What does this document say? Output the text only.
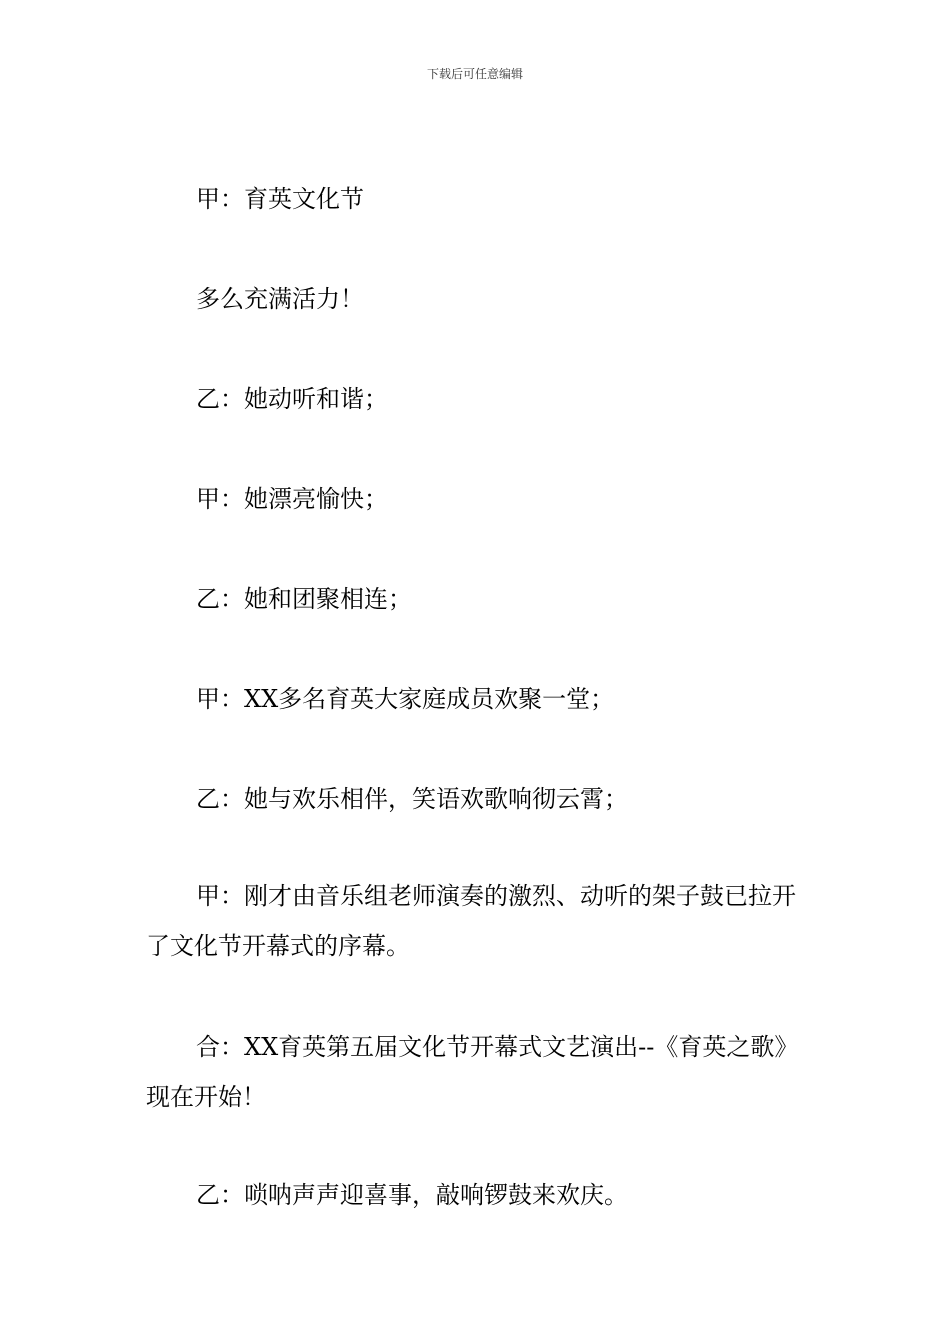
下载后可任意编辑

甲：育英文化节

多么充满活力！

乙：她动听和谐；

甲：她漂亮愉快；

乙：她和团聚相连；

甲：XX多名育英大家庭成员欢聚一堂；

乙：她与欢乐相伴，笑语欢歌响彻云霄；

甲：刚才由音乐组老师演奏的激烈、动听的架子鼓已拉开了文化节开幕式的序幕。

合：XX育英第五届文化节开幕式文艺演出--《育英之歌》现在开始！

乙：唢呐声声迎喜事，敲响锣鼓来欢庆。
